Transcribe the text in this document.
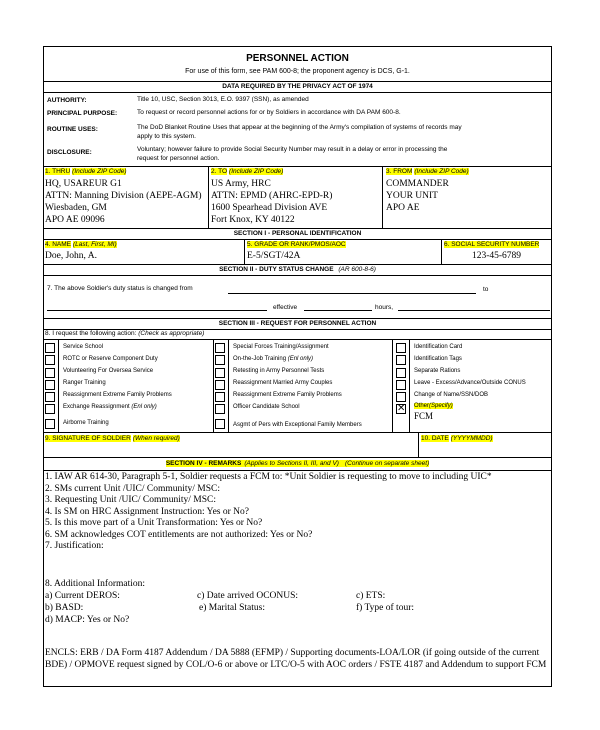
PERSONNEL ACTION
For use of this form, see PAM 600-8; the proponent agency is DCS, G-1.
DATA REQUIRED BY THE PRIVACY ACT OF 1974
AUTHORITY:	Title 10, USC, Section 3013, E.O. 9397 (SSN), as amended
PRINCIPAL PURPOSE:	To request or record personnel actions for or by Soldiers in accordance with DA PAM 600-8.
ROUTINE USES:	The DoD Blanket Routine Uses that appear at the beginning of the Army's compilation of systems of records may
apply to this system.
DISCLOSURE:	Voluntary; however failure to provide Social Security Number may result in a delay or error in processing the
request for personnel action.
1. THRU (Include ZIP Code)
HQ, USAREUR G1
ATTN: Manning Division (AEPE-AGM)
Wiesbaden, GM
APO AE 09096
2. TO (Include ZIP Code)
US Army, HRC
ATTN: EPMD (AHRC-EPD-R)
1600 Spearhead Division AVE
Fort Knox, KY 40122
3. FROM (Include ZIP Code)
COMMANDER
YOUR UNIT
APO AE
SECTION I - PERSONAL IDENTIFICATION
4. NAME (Last, First, MI)
Doe, John, A.
5. GRADE OR RANK/PMOS/AOC
E-5/SGT/42A
6. SOCIAL SECURITY NUMBER
123-45-6789
SECTION II - DUTY STATUS CHANGE (AR 600-8-6)
7. The above Soldier's duty status is changed from	to
effective	hours,
SECTION III - REQUEST FOR PERSONNEL ACTION
8. I request the following action: (Check as appropriate)
Service School
ROTC or Reserve Component Duty
Volunteering For Oversea Service
Ranger Training
Reassignment Extreme Family Problems
Exchange Reassignment (Enl only)
Airborne Training
Special Forces Training/Assignment
On-the-Job Training (Enl only)
Retesting in Army Personnel Tests
Reassignment Married Army Couples
Reassignment Extreme Family Problems
Officer Candidate School
Asgmt of Pers with Exceptional Family Members
Identification Card
Identification Tags
Separate Rations
Leave - Excess/Advance/Outside CONUS
Change of Name/SSN/DOB
✕
Other(Specify)
FCM
9. SIGNATURE OF SOLDIER (When required)	10. DATE (YYYYMMDD)
SECTION IV - REMARKS (Applies to Sections II, III, and V) (Continue on separate sheet)
1. IAW AR 614-30, Paragraph 5-1, Soldier requests a FCM to: *Unit Soldier is requesting to move to including UIC*
2. SMs current Unit /UIC/ Community/ MSC:
3. Requesting Unit /UIC/ Community/ MSC:
4. Is SM on HRC Assignment Instruction: Yes or No?
5. Is this move part of a Unit Transformation: Yes or No?
6. SM acknowledges COT entitlements are not authorized: Yes or No?
7. Justification:
8. Additional Information:
a) Current DEROS:	c) Date arrived OCONUS:	c) ETS:
b) BASD:	e) Marital Status:	f) Type of tour:
d) MACP: Yes or No?
ENCLS: ERB / DA Form 4187 Addendum / DA 5888 (EFMP) / Supporting documents-LOA/LOR (if going outside of the current
BDE) / OPMOVE request signed by COL/O-6 or above or LTC/O-5 with AOC orders / FSTE 4187 and Addendum to support FCM
